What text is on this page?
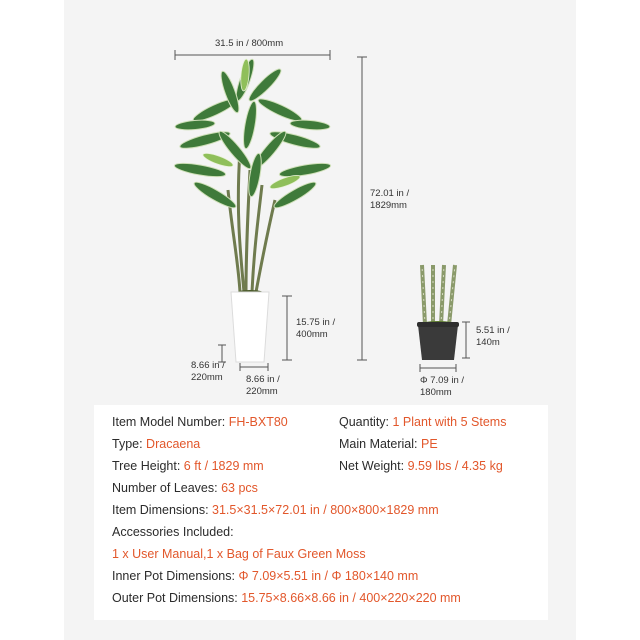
31.5 in / 800mm
72.01 in /
1829mm
15.75 in /
400mm
8.66 in /
220mm 8.66 in /
220mm
5.51 in /
140m
Φ 7.09 in /
180mm
Item Model Number: FH-BXT80	Quantity: 1 Plant with 5 Stems
Type: Dracaena	Main Material: PE
Tree Height: 6 ft / 1829 mm	Net Weight: 9.59 lbs / 4.35 kg
Number of Leaves: 63 pcs
Item Dimensions: 31.5×31.5×72.01 in / 800×800×1829 mm
Accessories Included:
1 x User Manual,1 x Bag of Faux Green Moss
Inner Pot Dimensions: Φ 7.09×5.51 in / Φ 180×140 mm
Outer Pot Dimensions: 15.75×8.66×8.66 in / 400×220×220 mm
